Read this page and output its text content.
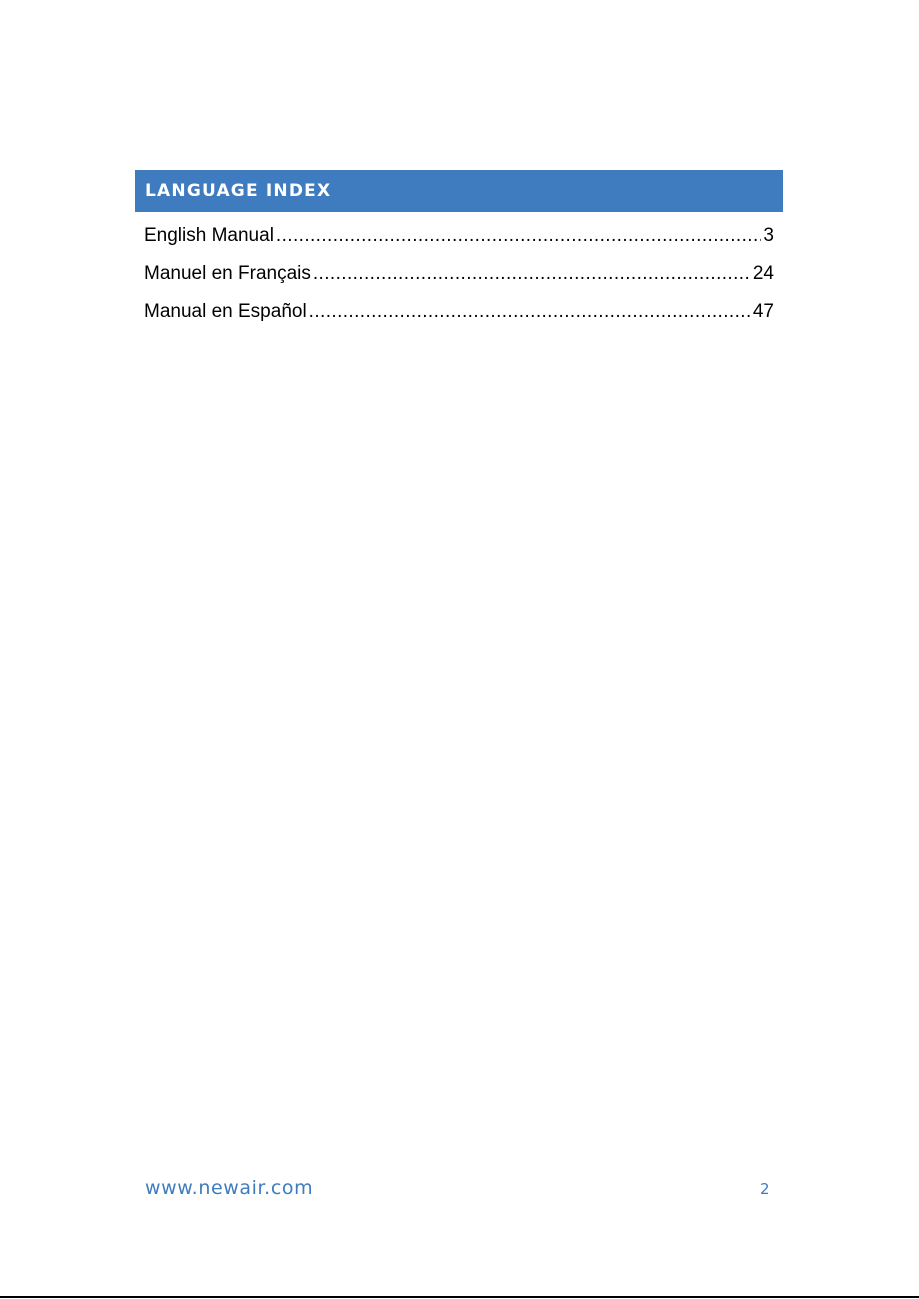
LANGUAGE INDEX
English Manual .....	3
Manuel en Français .....	24
Manual en Español .....	47
www.newair.com	2
